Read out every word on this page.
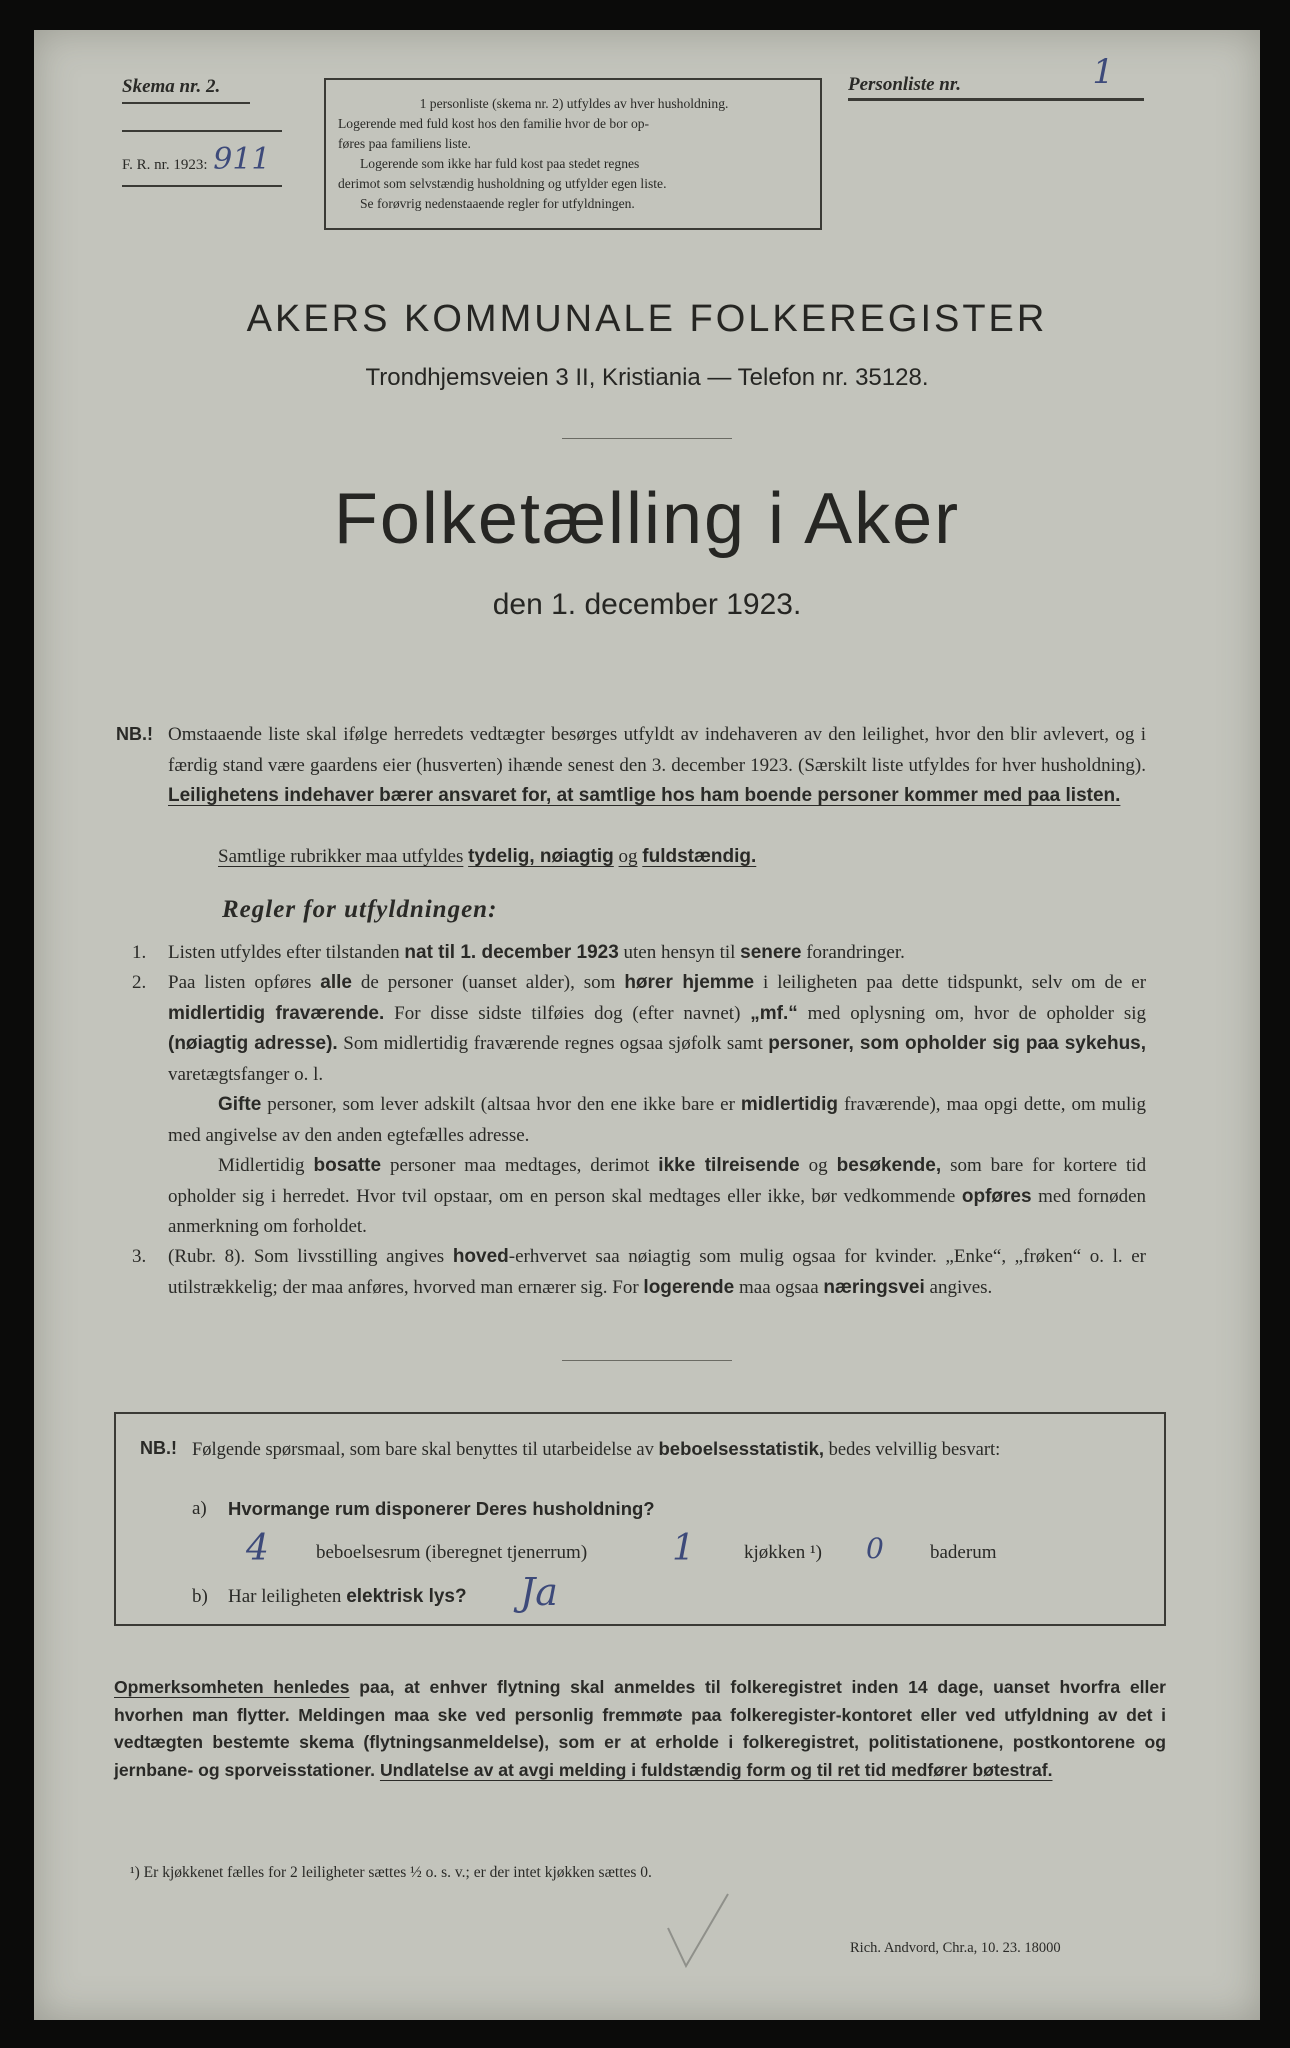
Skema nr. 2.
F. R. nr. 1923: 911
1 personliste (skema nr. 2) utfyldes av hver husholdning.
Logerende med fuld kost hos den familie hvor de bor op-
føres paa familiens liste.
Logerende som ikke har fuld kost paa stedet regnes
derimot som selvstændig husholdning og utfylder egen liste.
Se forøvrig nedenstaaende regler for utfyldningen.
Personliste nr.	1
AKERS KOMMUNALE FOLKEREGISTER
Trondhjemsveien 3 II, Kristiania — Telefon nr. 35128.
Folketælling i Aker
den 1. december 1923.
NB.! Omstaaende liste skal ifølge herredets vedtægter besørges utfyldt av indehaveren av den leilighet, hvor den blir avlevert, og i færdig stand være gaardens eier (husverten) ihænde senest den 3. december 1923. (Særskilt liste utfyldes for hver husholdning). Leilighetens indehaver bærer ansvaret for, at samtlige hos ham boende personer kommer med paa listen.
Samtlige rubrikker maa utfyldes tydelig, nøiagtig og fuldstændig.
Regler for utfyldningen:
1. Listen utfyldes efter tilstanden nat til 1. december 1923 uten hensyn til senere forandringer.
2. Paa listen opføres alle de personer (uanset alder), som hører hjemme i leiligheten paa dette tidspunkt, selv om de er midlertidig fraværende. For disse sidste tilføies dog (efter navnet) „mf.“ med oplysning om, hvor de opholder sig (nøiagtig adresse). Som midlertidig fraværende regnes ogsaa sjøfolk samt personer, som opholder sig paa sykehus, varetægtsfanger o. l.
Gifte personer, som lever adskilt (altsaa hvor den ene ikke bare er midlertidig fraværende), maa opgi dette, om mulig med angivelse av den anden egtefælles adresse.
Midlertidig bosatte personer maa medtages, derimot ikke tilreisende og besøkende, som bare for kortere tid opholder sig i herredet. Hvor tvil opstaar, om en person skal medtages eller ikke, bør vedkommende opføres med fornøden anmerkning om forholdet.
3. (Rubr. 8). Som livsstilling angives hoved-erhvervet saa nøiagtig som mulig ogsaa for kvinder. „Enke“, „frøken“ o. l. er utilstrækkelig; der maa anføres, hvorved man ernærer sig. For logerende maa ogsaa næringsvei angives.
NB.! Følgende spørsmaal, som bare skal benyttes til utarbeidelse av beboelsesstatistik, bedes velvillig besvart:
a) Hvormange rum disponerer Deres husholdning?
4 beboelsesrum (iberegnet tjenerrum) 1	kjøkken ¹) 0 baderum
b) Har leiligheten elektrisk lys? Ja
Opmerksomheten henledes paa, at enhver flytning skal anmeldes til folkeregistret inden 14 dage, uanset hvorfra eller hvorhen man flytter. Meldingen maa ske ved personlig fremmøte paa folkeregister-kontoret eller ved utfyldning av det i vedtægten bestemte skema (flytningsanmeldelse), som er at erholde i folkeregistret, politistationene, postkontorene og jernbane- og sporveisstationer. Undlatelse av at avgi melding i fuldstændig form og til ret tid medfører bøtestraf.
¹) Er kjøkkenet fælles for 2 leiligheter sættes ½ o. s. v.; er der intet kjøkken sættes 0.
Rich. Andvord, Chr.a, 10. 23. 18000
